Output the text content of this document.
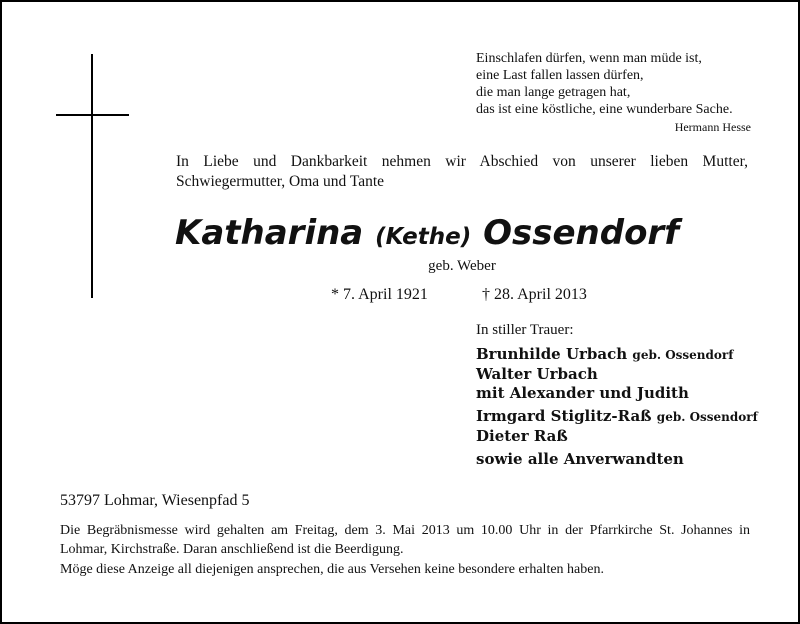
Einschlafen dürfen, wenn man müde ist,
eine Last fallen lassen dürfen,
die man lange getragen hat,
das ist eine köstliche, eine wunderbare Sache.
Hermann Hesse
In Liebe und Dankbarkeit nehmen wir Abschied von unserer lieben Mutter,
Schwiegermutter, Oma und Tante
Katharina (Kethe) Ossendorf
geb. Weber
* 7. April 1921	† 28. April 2013
In stiller Trauer:
Brunhilde Urbach geb. Ossendorf
Walter Urbach
mit Alexander und Judith
Irmgard Stiglitz-Raß geb. Ossendorf
Dieter Raß
sowie alle Anverwandten
53797 Lohmar, Wiesenpfad 5
Die Begräbnismesse wird gehalten am Freitag, dem 3. Mai 2013 um 10.00 Uhr in der Pfarrkirche St. Johannes in
Lohmar, Kirchstraße. Daran anschließend ist die Beerdigung.
Möge diese Anzeige all diejenigen ansprechen, die aus Versehen keine besondere erhalten haben.
